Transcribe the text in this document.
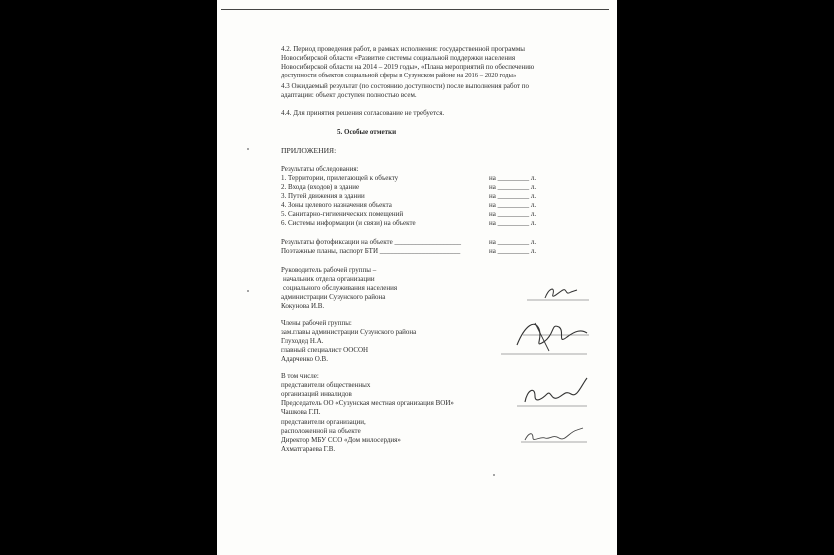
4.2. Период проведения работ, в рамках исполнения: государственной программы
Новосибирской области «Развитие системы социальной поддержки населения
Новосибирской области на 2014 – 2019 годы», «Плана мероприятий по обеспечению
доступности объектов социальной сферы в Сузунском районе на 2016 – 2020 годы»
4.3 Ожидаемый результат (по состоянию доступности) после выполнения работ по
адаптации: объект доступен полностью всем.
4.4. Для принятия решения согласование не требуется.
5. Особые отметки
ПРИЛОЖЕНИЯ:
Результаты обследования:
1. Территории, прилегающей к объекту	на _________ л.
2. Входа (входов) в здание	на _________ л.
3. Путей движения в здании	на _________ л.
4. Зоны целевого назначения объекта	на _________ л.
5. Санитарно-гигиенических помещений	на _________ л.
6. Системы информации (и связи) на объекте	на _________ л.
Результаты фотофиксации на объекте ___________________	на _________ л.
Поэтажные планы, паспорт БТИ _______________________	на _________ л.
Руководитель рабочей группы –
начальник отдела организации
социального обслуживания населения
администрации Сузунского района
Кокунова И.В.
Члены рабочей группы:
зам.главы администрации Сузунского района
Глуходед Н.А.
главный специалист ООСОН
Адарченко О.В.
В том числе:
представители общественных
организаций инвалидов
Председатель ОО «Сузунская местная организация ВОИ»
Чашкова Г.П.
представители организации,
расположенной на объекте
Директор МБУ ССО «Дом милосердия»
Ахматгараева Г.В.
